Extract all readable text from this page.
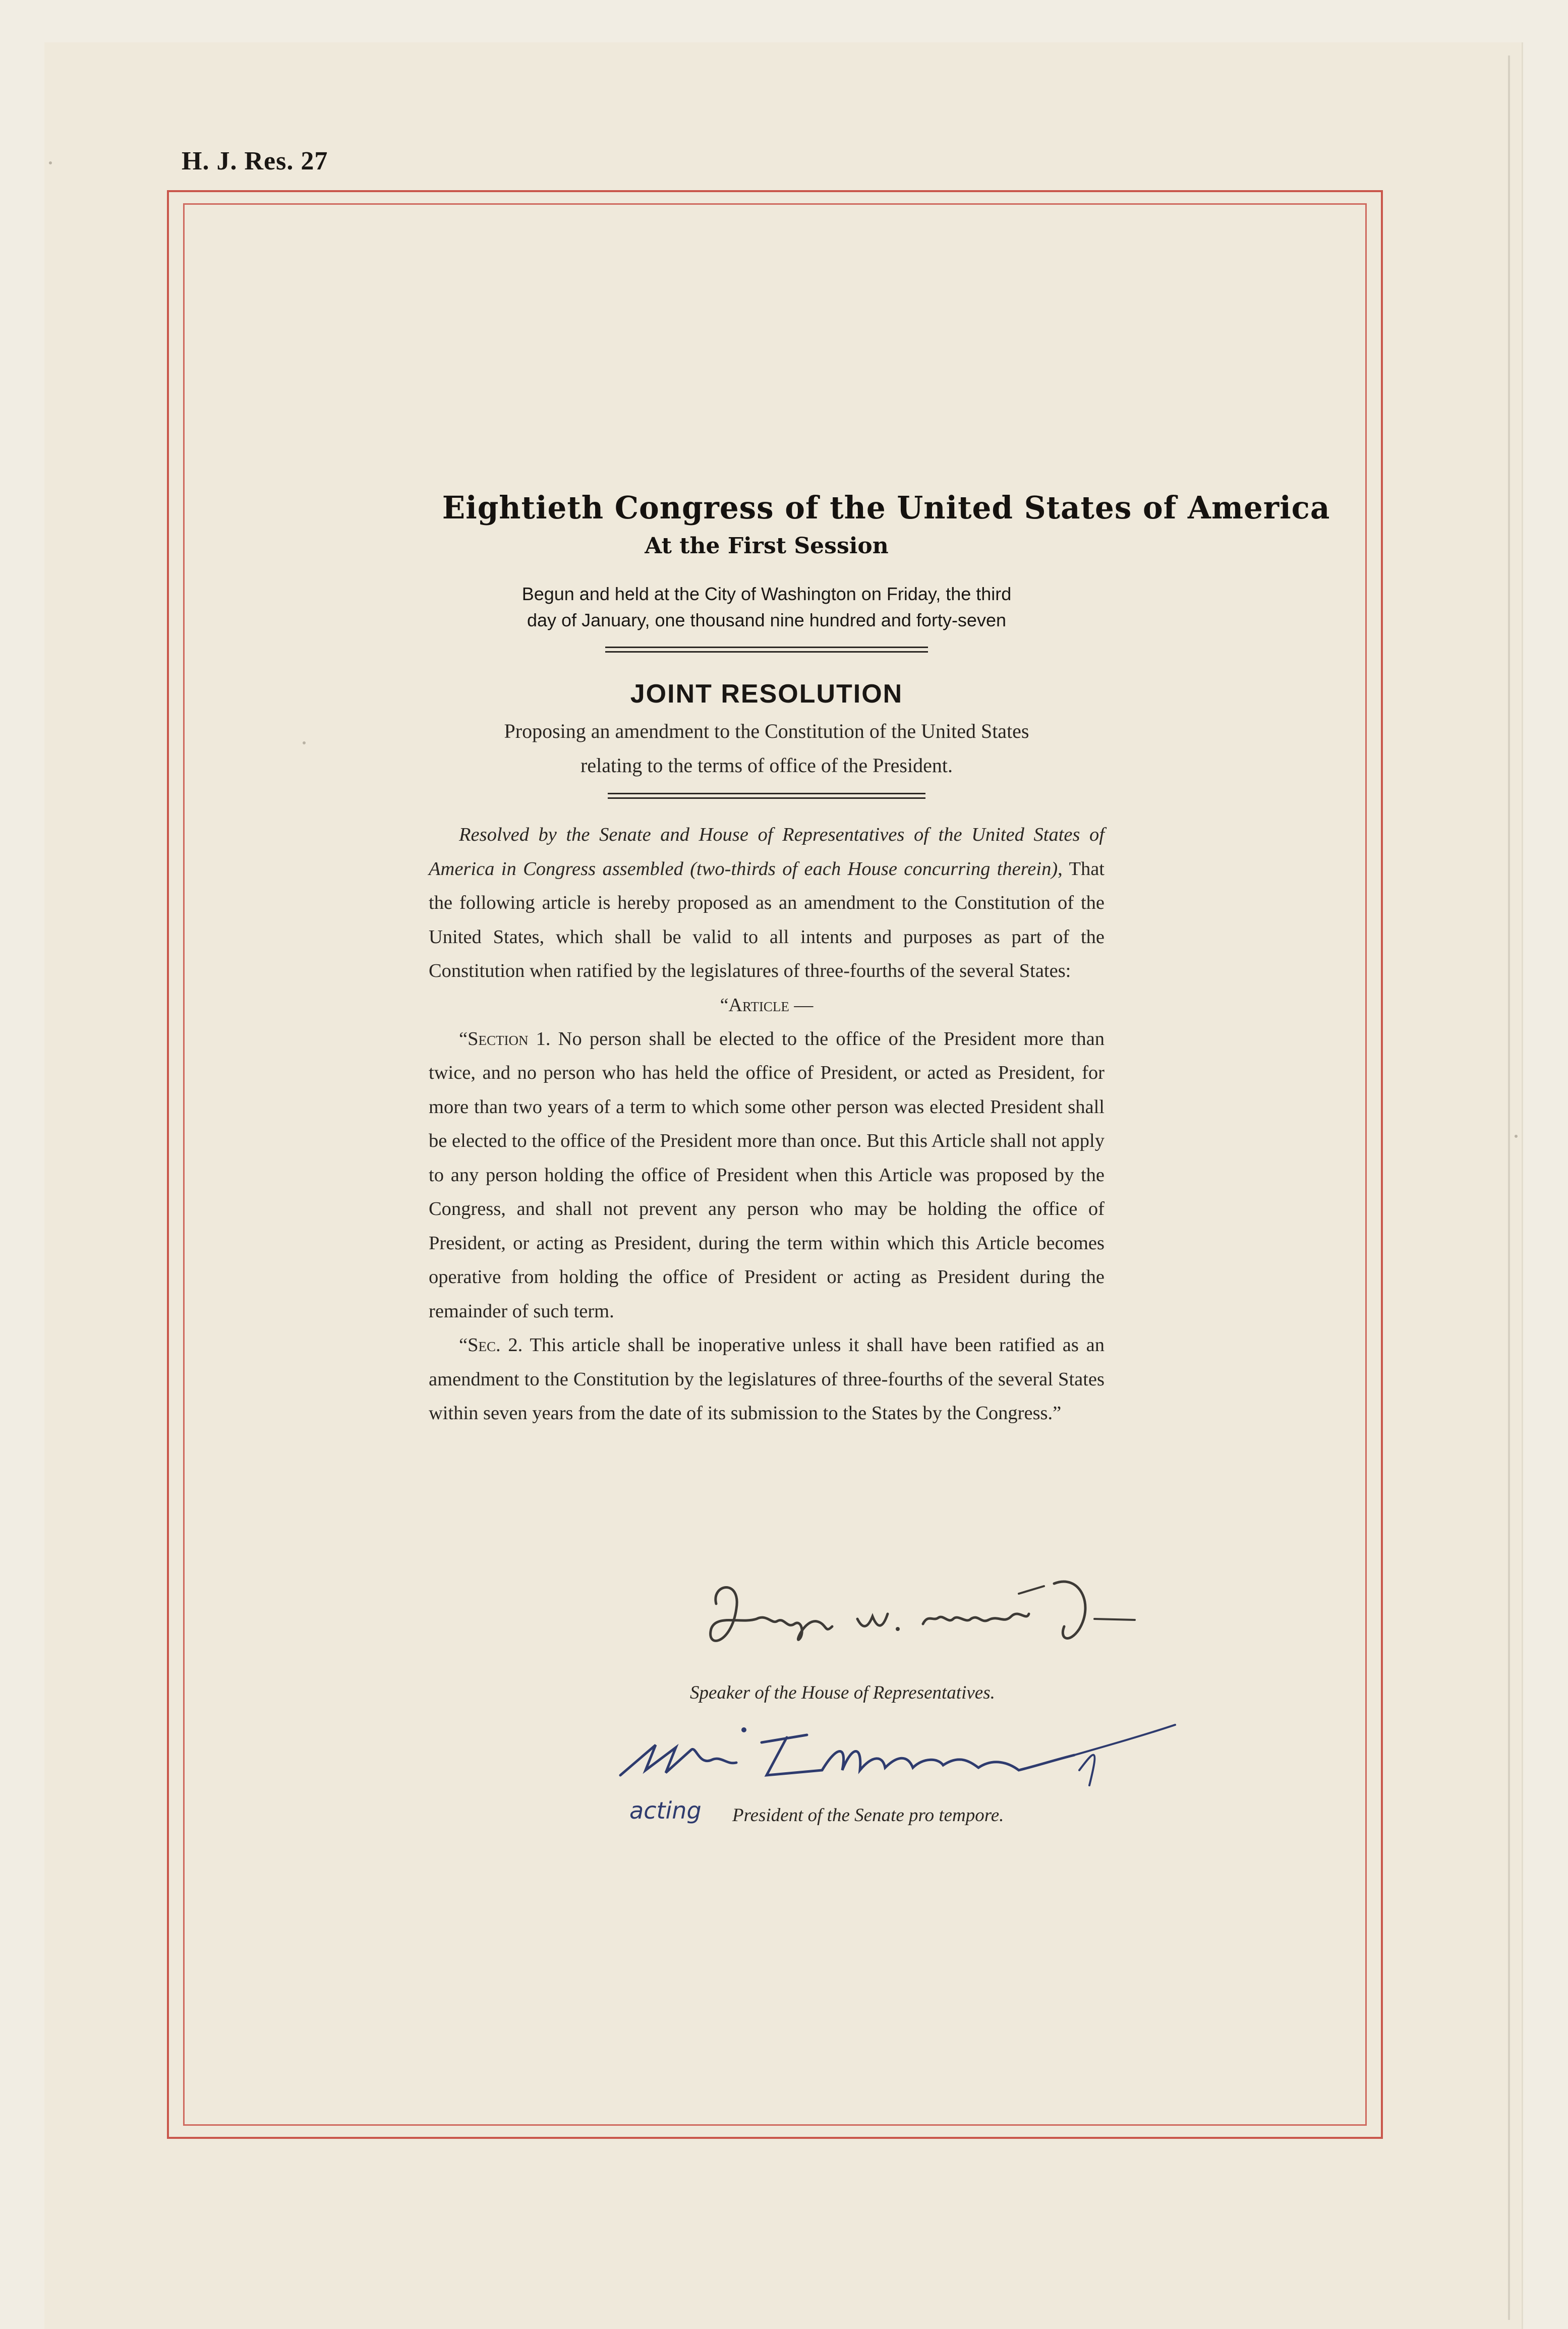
H. J. Res. 27
Eightieth Congress of the United States of America
At the First Session
Begun and held at the City of Washington on Friday, the third
day of January, one thousand nine hundred and forty-seven
JOINT RESOLUTION
Proposing an amendment to the Constitution of the United States
relating to the terms of office of the President.

Resolved by the Senate and House of Representatives of the United States of America in Congress assembled (two-thirds of each House concurring therein), That the following article is hereby proposed as an amendment to the Constitution of the United States, which shall be valid to all intents and purposes as part of the Constitution when ratified by the legislatures of three-fourths of the several States:

“Article —

“Section 1. No person shall be elected to the office of the President more than twice, and no person who has held the office of President, or acted as President, for more than two years of a term to which some other person was elected President shall be elected to the office of the President more than once. But this Article shall not apply to any person holding the office of President when this Article was proposed by the Congress, and shall not prevent any person who may be holding the office of President, or acting as President, during the term within which this Article becomes operative from holding the office of President or acting as President during the remainder of such term.

“Sec. 2. This article shall be inoperative unless it shall have been ratified as an amendment to the Constitution by the legislatures of three-fourths of the several States within seven years from the date of its submission to the States by the Congress.”

Speaker of the House of Representatives.
acting President of the Senate pro tempore.
